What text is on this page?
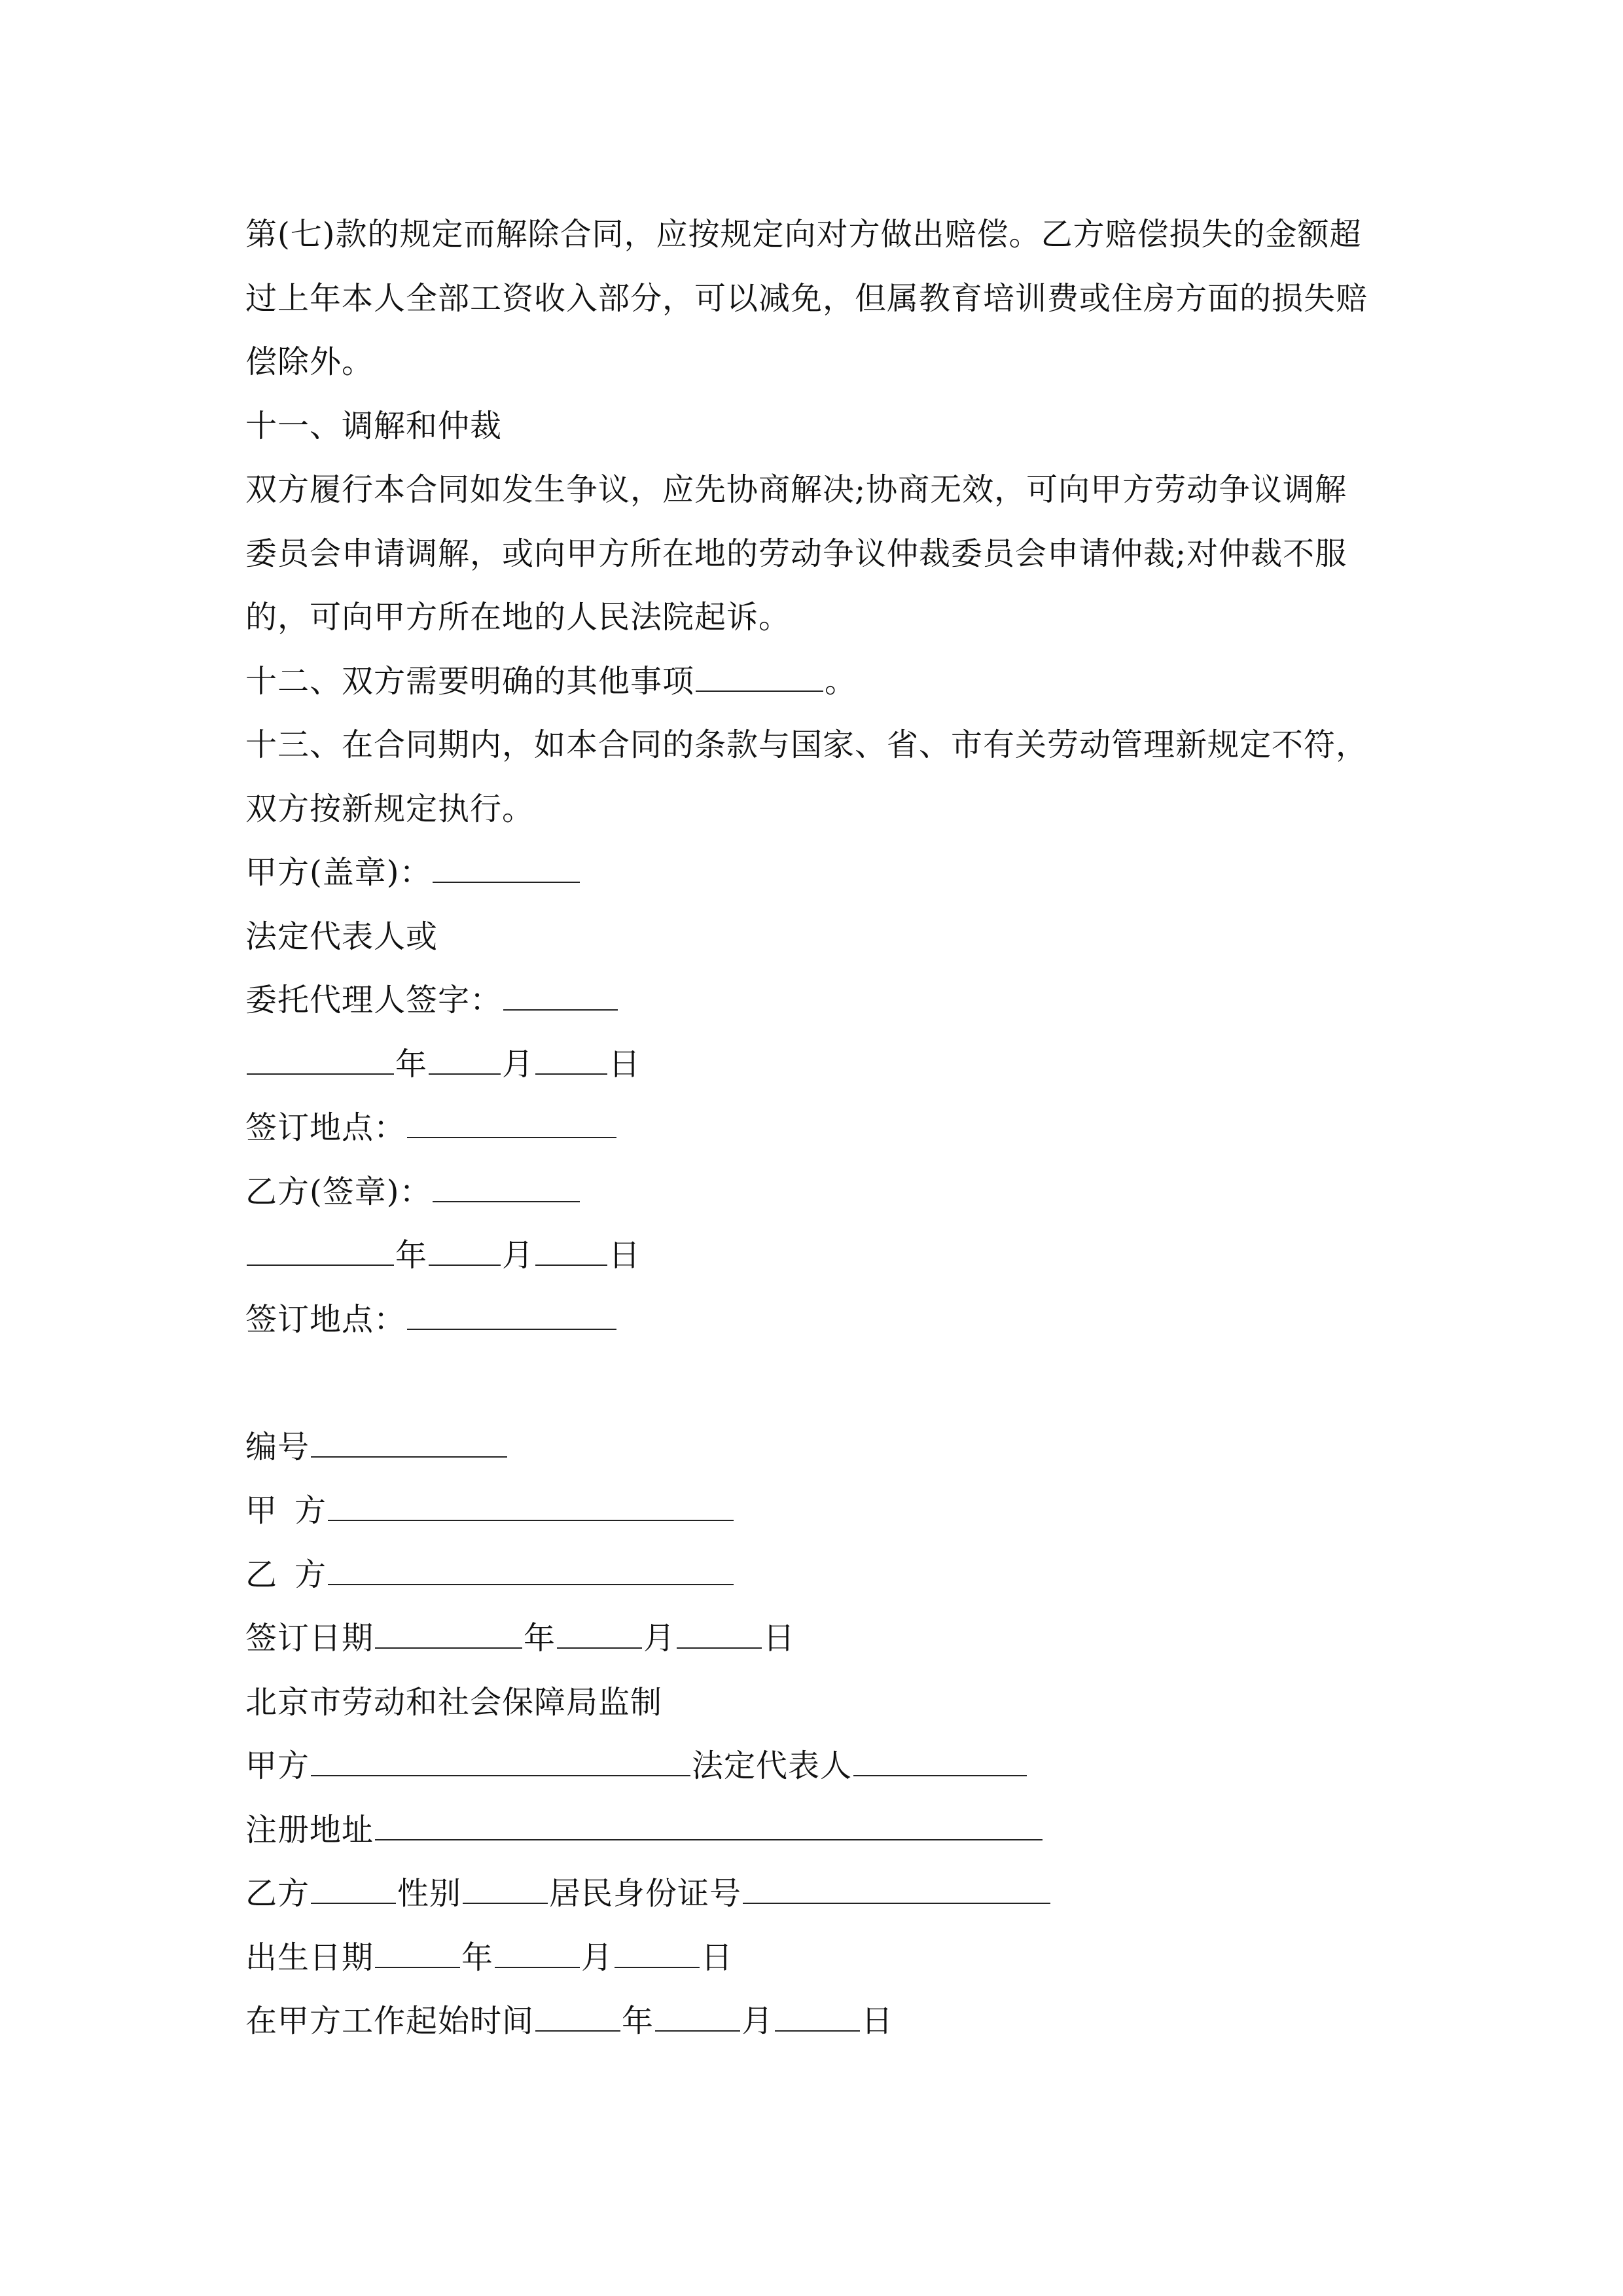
第(七)款的规定而解除合同，应按规定向对方做出赔偿。乙方赔偿损失的金额超
过上年本人全部工资收入部分，可以减免，但属教育培训费或住房方面的损失赔
偿除外。
十一、调解和仲裁
双方履行本合同如发生争议，应先协商解决;协商无效，可向甲方劳动争议调解
委员会申请调解，或向甲方所在地的劳动争议仲裁委员会申请仲裁;对仲裁不服
的，可向甲方所在地的人民法院起诉。
十二、双方需要明确的其他事项	。
十三、在合同期内，如本合同的条款与国家、省、市有关劳动管理新规定不符，
双方按新规定执行。
甲方(盖章)：
法定代表人或
委托代理人签字：
年 月 日
签订地点：
乙方(签章)：
年 月 日
签订地点：
编号
甲 方
乙 方
签订日期	年	月	日
北京市劳动和社会保障局监制
甲方	法定代表人
注册地址
乙方	性别	居民身份证号
出生日期	年	月	日
在甲方工作起始时间	年	月	日
